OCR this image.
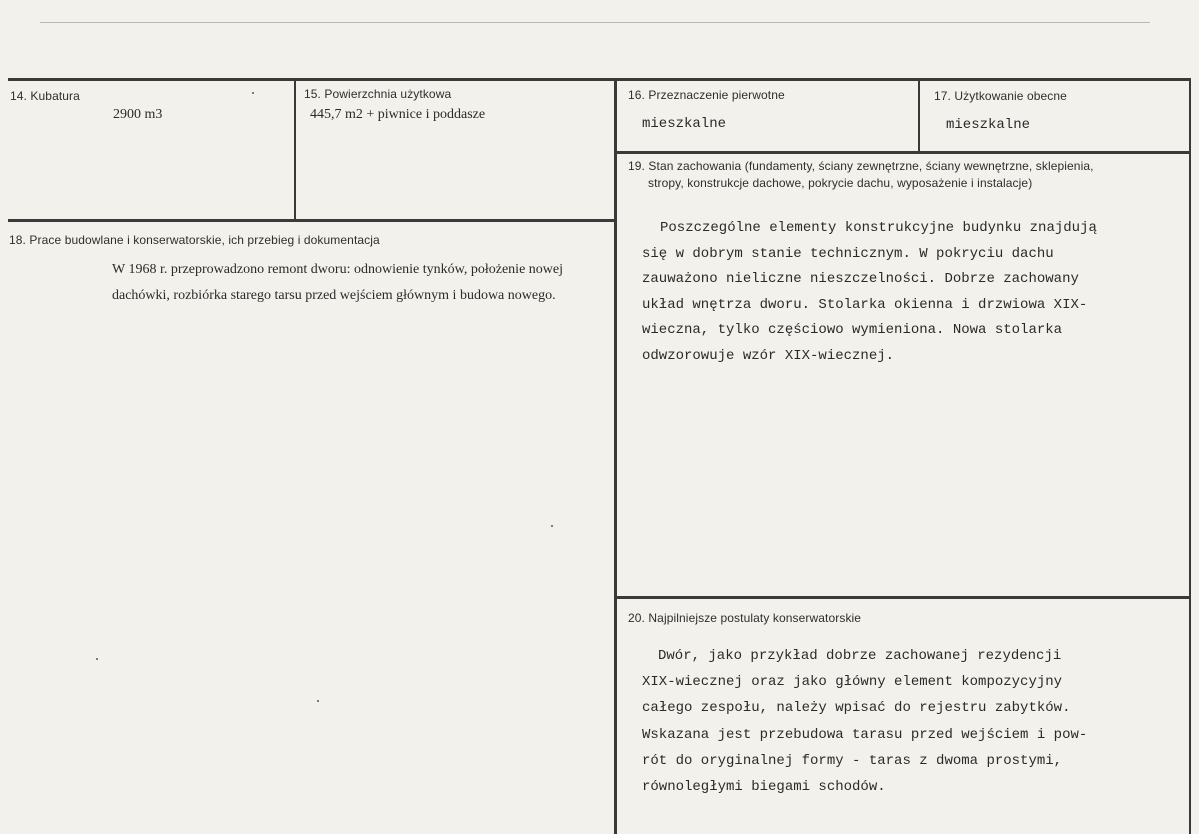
14. Kubatura
2900 m3
15. Powierzchnia użytkowa
445,7 m2 + piwnice i poddasze
16. Przeznaczenie pierwotne
mieszkalne
17. Użytkowanie obecne
mieszkalne
18. Prace budowlane i konserwatorskie, ich przebieg i dokumentacja
W 1968 r. przeprowadzono remont dworu: odnowienie tynków, położenie nowej
dachówki, rozbiórka starego tarsu przed wejściem głównym i budowa nowego.
19. Stan zachowania (fundamenty, ściany zewnętrzne, ściany wewnętrzne, sklepienia,
stropy, konstrukcje dachowe, pokrycie dachu, wyposażenie i instalacje)
Poszczególne elementy konstrukcyjne budynku znajdują
się w dobrym stanie technicznym. W pokryciu dachu
zauważono nieliczne nieszczelności. Dobrze zachowany
układ wnętrza dworu. Stolarka okienna i drzwiowa XIX-
wieczna, tylko częściowo wymieniona. Nowa stolarka
odwzorowuje wzór XIX-wiecznej.
20. Najpilniejsze postulaty konserwatorskie
Dwór, jako przykład dobrze zachowanej rezydencji
XIX-wiecznej oraz jako główny element kompozycyjny
całego zespołu, należy wpisać do rejestru zabytków.
Wskazana jest przebudowa tarasu przed wejściem i pow-
rót do oryginalnej formy - taras z dwoma prostymi,
równoległymi biegami schodów.
